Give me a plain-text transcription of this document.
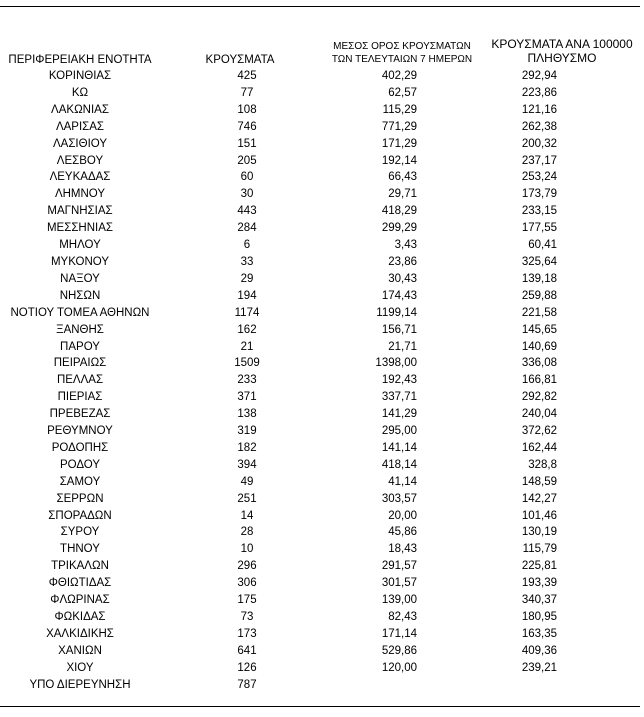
ΠΕΡΙΦΕΡΕΙΑΚΗ ΕΝΟΤΗΤΑ	ΚΡΟΥΣΜΑΤΑ
ΜΕΣΟΣ ΟΡΟΣ ΚΡΟΥΣΜΑΤΩΝ
ΤΩΝ ΤΕΛΕΥΤΑΙΩΝ 7 ΗΜΕΡΩΝ
ΚΡΟΥΣΜΑΤΑ ΑΝΑ 100000
ΠΛΗΘΥΣΜΟ
ΚΟΡΙΝΘΙΑΣ	425	402,29	292,94
ΚΩ	77	62,57	223,86
ΛΑΚΩΝΙΑΣ	108	115,29	121,16
ΛΑΡΙΣΑΣ	746	771,29	262,38
ΛΑΣΙΘΙΟΥ	151	171,29	200,32
ΛΕΣΒΟΥ	205	192,14	237,17
ΛΕΥΚΑΔΑΣ	60	66,43	253,24
ΛΗΜΝΟΥ	30	29,71	173,79
ΜΑΓΝΗΣΙΑΣ	443	418,29	233,15
ΜΕΣΣΗΝΙΑΣ	284	299,29	177,55
ΜΗΛΟΥ	6	3,43	60,41
ΜΥΚΟΝΟΥ	33	23,86	325,64
ΝΑΞΟΥ	29	30,43	139,18
ΝΗΣΩΝ	194	174,43	259,88
ΝΟΤΙΟΥ ΤΟΜΕΑ ΑΘΗΝΩΝ	1174	1199,14	221,58
ΞΑΝΘΗΣ	162	156,71	145,65
ΠΑΡΟΥ	21	21,71	140,69
ΠΕΙΡΑΙΩΣ	1509	1398,00	336,08
ΠΕΛΛΑΣ	233	192,43	166,81
ΠΙΕΡΙΑΣ	371	337,71	292,82
ΠΡΕΒΕΖΑΣ	138	141,29	240,04
ΡΕΘΥΜΝΟΥ	319	295,00	372,62
ΡΟΔΟΠΗΣ	182	141,14	162,44
ΡΟΔΟΥ	394	418,14	328,8
ΣΑΜΟΥ	49	41,14	148,59
ΣΕΡΡΩΝ	251	303,57	142,27
ΣΠΟΡΑΔΩΝ	14	20,00	101,46
ΣΥΡΟΥ	28	45,86	130,19
ΤΗΝΟΥ	10	18,43	115,79
ΤΡΙΚΑΛΩΝ	296	291,57	225,81
ΦΘΙΩΤΙΔΑΣ	306	301,57	193,39
ΦΛΩΡΙΝΑΣ	175	139,00	340,37
ΦΩΚΙΔΑΣ	73	82,43	180,95
ΧΑΛΚΙΔΙΚΗΣ	173	171,14	163,35
ΧΑΝΙΩΝ	641	529,86	409,36
ΧΙΟΥ	126	120,00	239,21
ΥΠΟ ΔΙΕΡΕΥΝΗΣΗ	787		
